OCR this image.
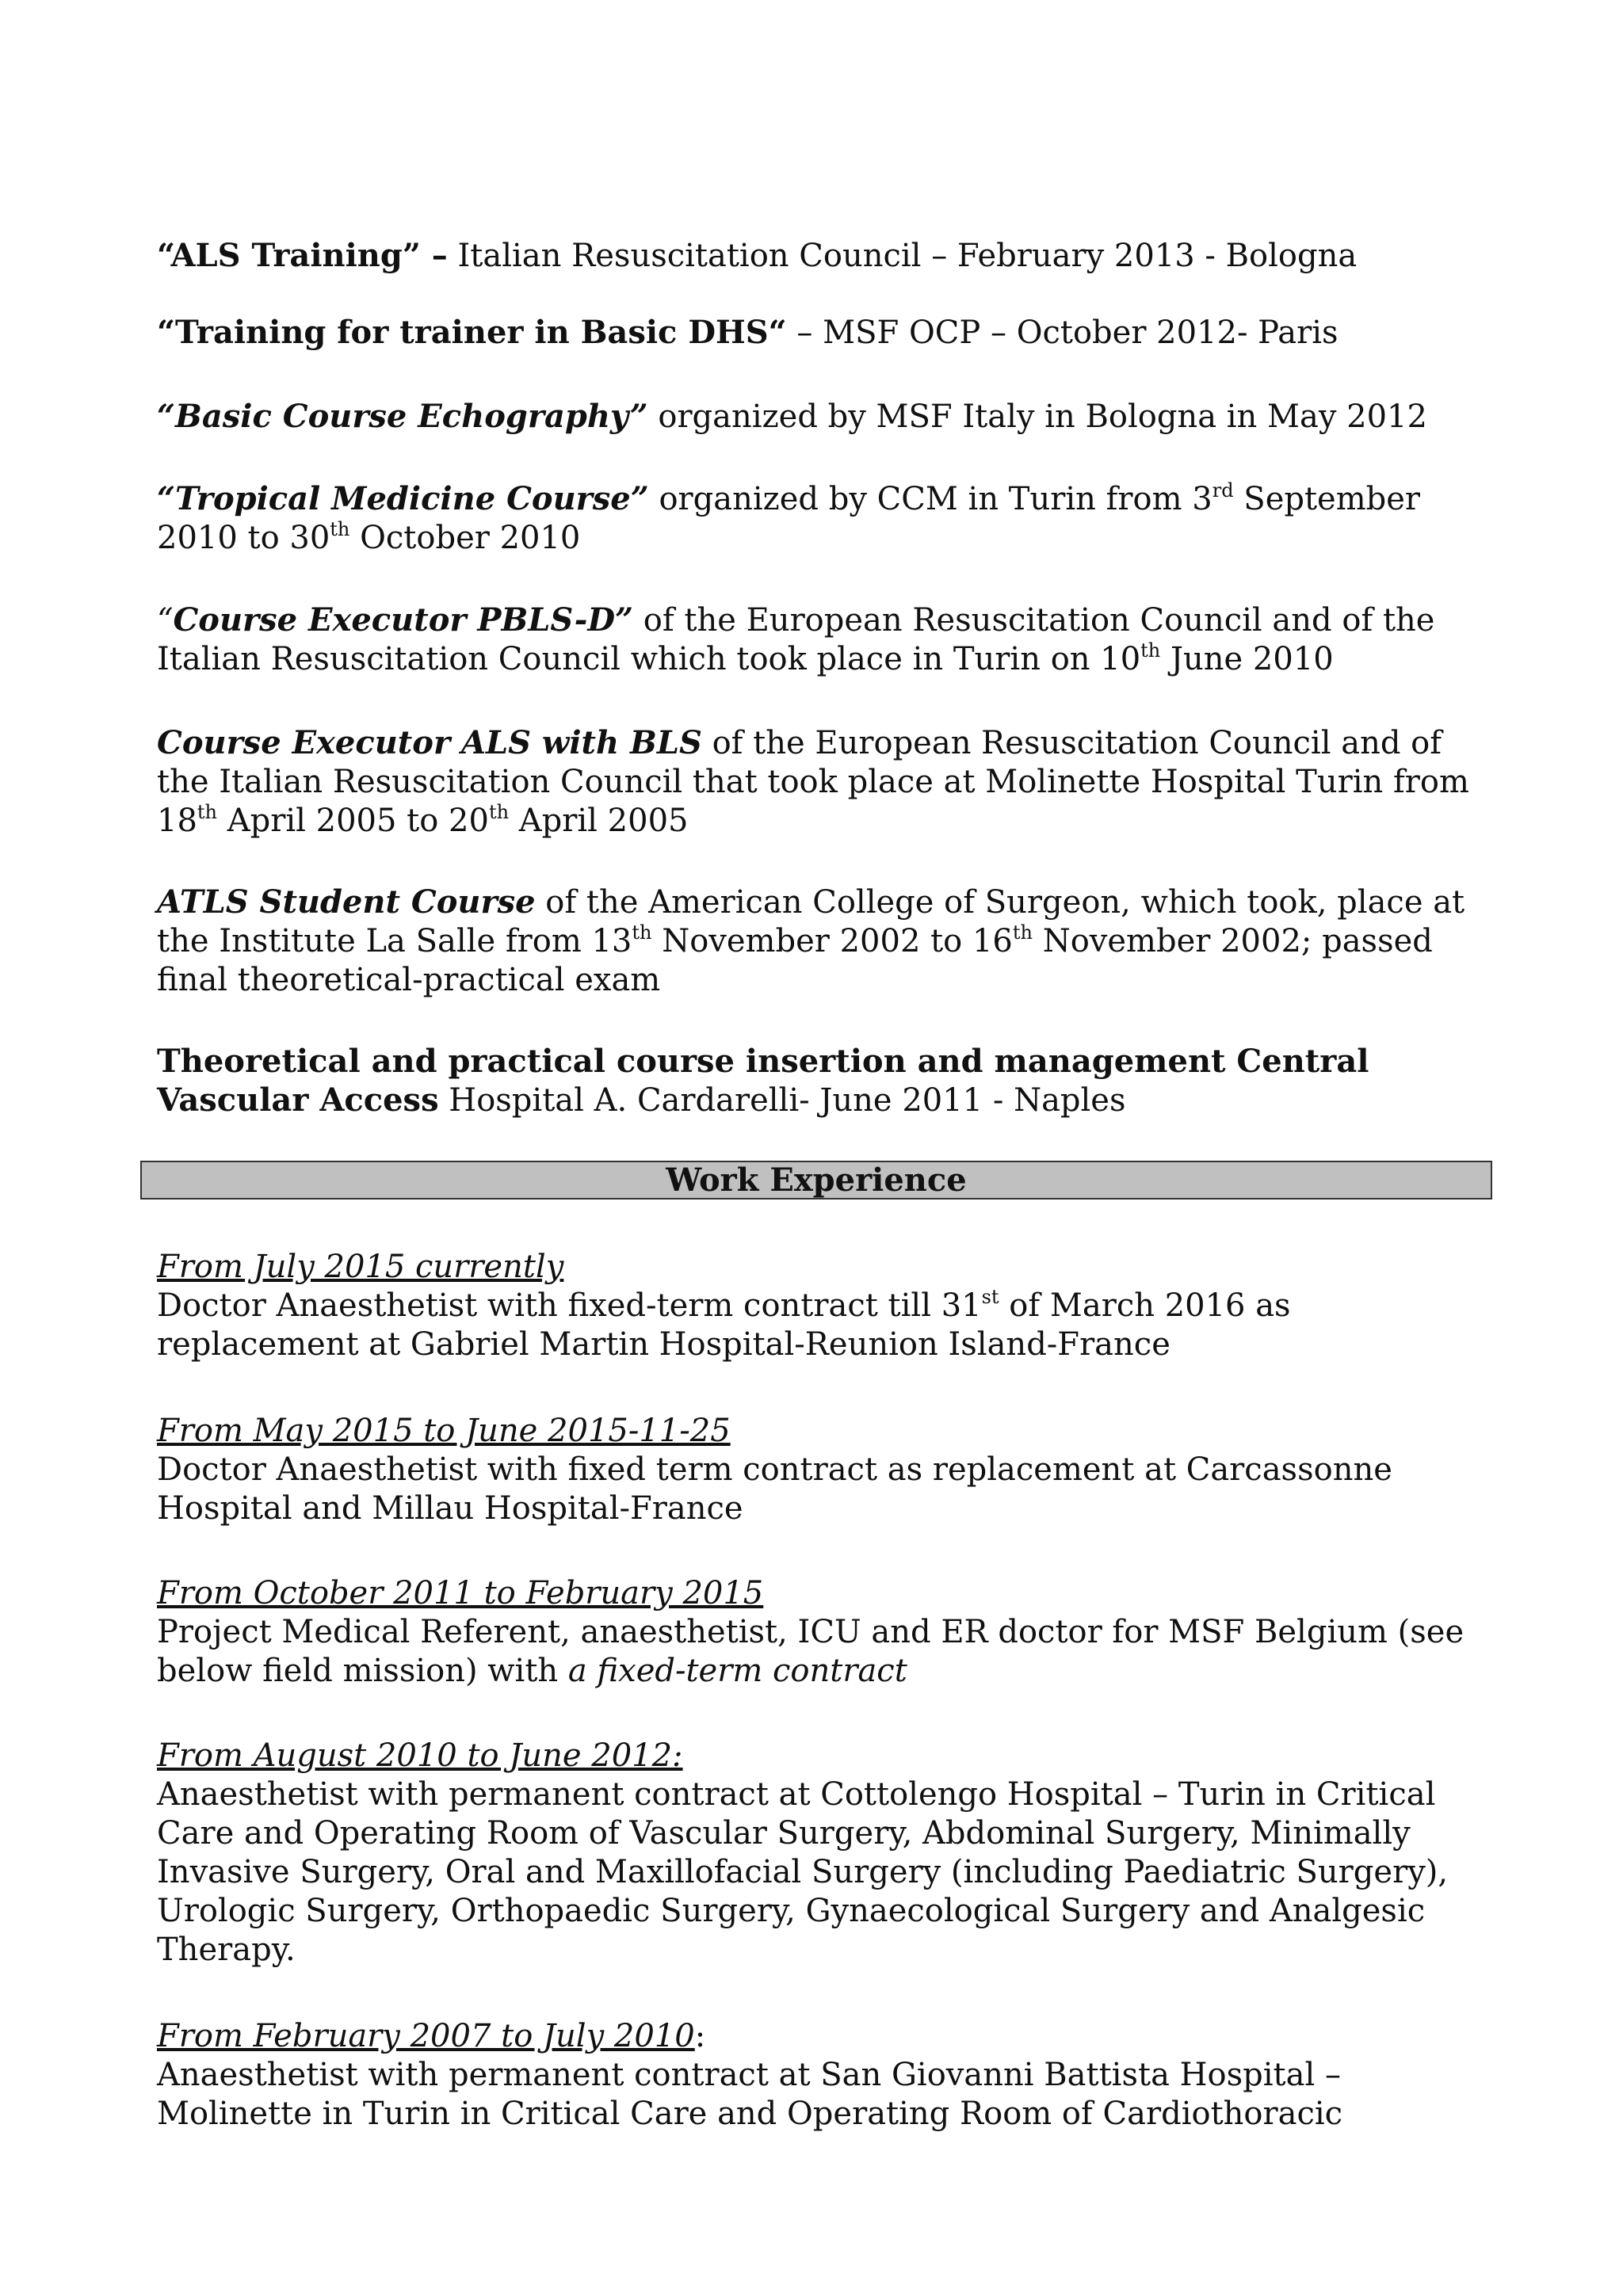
“ALS Training” – Italian Resuscitation Council – February 2013 - Bologna
“Training for trainer in Basic DHS“ – MSF OCP – October 2012- Paris
“Basic Course Echography” organized by MSF Italy in Bologna in May 2012
“Tropical Medicine Course” organized by CCM in Turin from 3rd September
2010 to 30th October 2010
“Course Executor PBLS-D” of the European Resuscitation Council and of the
Italian Resuscitation Council which took place in Turin on 10th June 2010
Course Executor ALS with BLS of the European Resuscitation Council and of
the Italian Resuscitation Council that took place at Molinette Hospital Turin from
18th April 2005 to 20th April 2005
ATLS Student Course of the American College of Surgeon, which took, place at
the Institute La Salle from 13th November 2002 to 16th November 2002; passed
final theoretical-practical exam
Theoretical and practical course insertion and management Central
Vascular Access Hospital A. Cardarelli- June 2011 - Naples
Work Experience
From July 2015 currently
Doctor Anaesthetist with fixed-term contract till 31st of March 2016 as
replacement at Gabriel Martin Hospital-Reunion Island-France
From May 2015 to June 2015-11-25
Doctor Anaesthetist with fixed term contract as replacement at Carcassonne
Hospital and Millau Hospital-France
From October 2011 to February 2015
Project Medical Referent, anaesthetist, ICU and ER doctor for MSF Belgium (see
below field mission) with a fixed-term contract
From August 2010 to June 2012:
Anaesthetist with permanent contract at Cottolengo Hospital – Turin in Critical
Care and Operating Room of Vascular Surgery, Abdominal Surgery, Minimally
Invasive Surgery, Oral and Maxillofacial Surgery (including Paediatric Surgery),
Urologic Surgery, Orthopaedic Surgery, Gynaecological Surgery and Analgesic
Therapy.
From February 2007 to July 2010:
Anaesthetist with permanent contract at San Giovanni Battista Hospital –
Molinette in Turin in Critical Care and Operating Room of Cardiothoracic
